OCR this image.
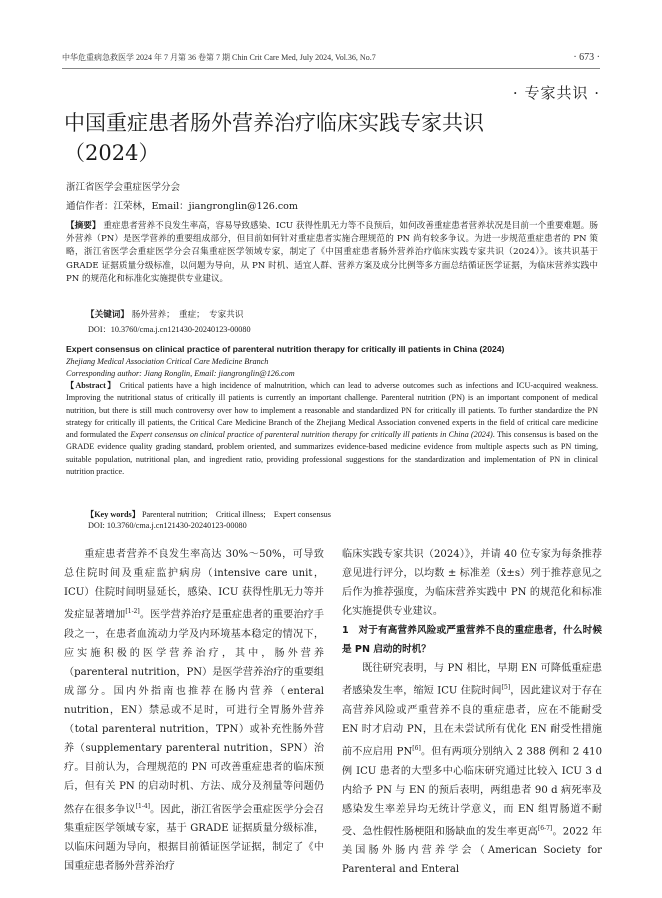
中华危重病急救医学 2024 年 7 月第 36 卷第 7 期 Chin Crit Care Med, July 2024, Vol.36, No.7	· 673 ·
· 专家共识 ·
中国重症患者肠外营养治疗临床实践专家共识（2024）
浙江省医学会重症医学分会
通信作者：江荣林，Email：jiangronglin@126.com
【摘要】 重症患者营养不良发生率高，容易导致感染、ICU 获得性肌无力等不良预后，如何改善重症患者营养状况是目前一个重要难题。肠外营养（PN）是医学营养的重要组成部分，但目前如何针对重症患者实施合理规范的 PN 尚有较多争议。为进一步规范重症患者的 PN 策略，浙江省医学会重症医学分会召集重症医学领域专家，制定了《中国重症患者肠外营养治疗临床实践专家共识（2024）》。该共识基于 GRADE 证据质量分级标准，以问题为导向，从 PN 时机、适宜人群、营养方案及成分比例等多方面总结循证医学证据，为临床营养实践中 PN 的规范化和标准化实施提供专业建议。
【关键词】 肠外营养；　重症；　专家共识
DOI：10.3760/cma.j.cn121430-20240123-00080
Expert consensus on clinical practice of parenteral nutrition therapy for critically ill patients in China (2024)
Zhejiang Medical Association Critical Care Medicine Branch
Corresponding author: Jiang Ronglin, Email: jiangronglin@126.com
【Abstract】 Critical patients have a high incidence of malnutrition, which can lead to adverse outcomes such as infections and ICU-acquired weakness. Improving the nutritional status of critically ill patients is currently an important challenge. Parenteral nutrition (PN) is an important component of medical nutrition, but there is still much controversy over how to implement a reasonable and standardized PN for critically ill patients. To further standardize the PN strategy for critically ill patients, the Critical Care Medicine Branch of the Zhejiang Medical Association convened experts in the field of critical care medicine and formulated the Expert consensus on clinical practice of parenteral nutrition therapy for critically ill patients in China (2024). This consensus is based on the GRADE evidence quality grading standard, problem oriented, and summarizes evidence-based medicine evidence from multiple aspects such as PN timing, suitable population, nutritional plan, and ingredient ratio, providing professional suggestions for the standardization and implementation of PN in clinical nutrition practice.
【Key words】 Parenteral nutrition;　Critical illness;　Expert consensus
DOI: 10.3760/cma.j.cn121430-20240123-00080

重症患者营养不良发生率高达 30%～50%，可导致总住院时间及重症监护病房（intensive care unit，ICU）住院时间明显延长，感染、ICU 获得性肌无力等并发症显著增加[1-2]。医学营养治疗是重症患者的重要治疗手段之一，在患者血流动力学及内环境基本稳定的情况下，应实施积极的医学营养治疗，其中，肠外营养（parenteral nutrition，PN）是医学营养治疗的重要组成部分。国内外指南也推荐在肠内营养（enteral nutrition，EN）禁忌或不足时，可进行全胃肠外营养（total parenteral nutrition，TPN）或补充性肠外营养（supplementary parenteral nutrition，SPN）治疗。目前认为，合理规范的 PN 可改善重症患者的临床预后，但有关 PN 的启动时机、方法、成分及剂量等问题仍然存在很多争议[1-4]。因此，浙江省医学会重症医学分会召集重症医学领域专家，基于 GRADE 证据质量分级标准，以临床问题为导向，根据目前循证医学证据，制定了《中国重症患者肠外营养治疗

临床实践专家共识（2024）》，并请 40 位专家为每条推荐意见进行评分，以均数 ± 标准差（x̄±s）列于推荐意见之后作为推荐强度，为临床营养实践中 PN 的规范化和标准化实施提供专业建议。

1　对于有高营养风险或严重营养不良的重症患者，什么时候是 PN 启动的时机？

既往研究表明，与 PN 相比，早期 EN 可降低重症患者感染发生率，缩短 ICU 住院时间[5]，因此建议对于存在高营养风险或严重营养不良的重症患者，应在不能耐受 EN 时才启动 PN，且在未尝试所有优化 EN 耐受性措施前不应启用 PN[6]。但有两项分别纳入 2 388 例和 2 410 例 ICU 患者的大型多中心临床研究通过比较入 ICU 3 d 内给予 PN 与 EN 的预后表明，两组患者 90 d 病死率及感染发生率差异均无统计学意义，而 EN 组胃肠道不耐受、急性假性肠梗阻和肠缺血的发生率更高[6-7]。2022 年美国肠外肠内营养学会（American Society for Parenteral and Enteral
